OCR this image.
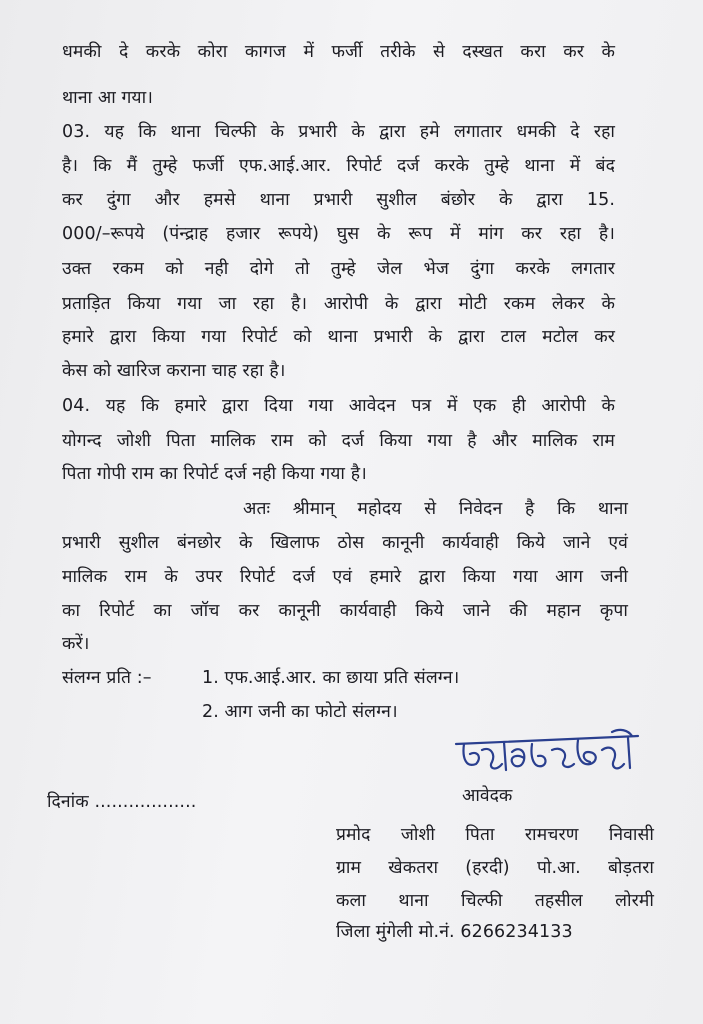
धमकी दे करके कोरा कागज में फर्जी तरीके से दस्खत करा कर के
थाना आ गया।
03. यह कि थाना चिल्फी के प्रभारी के द्वारा हमे लगातार धमकी दे रहा
है। कि मैं तुम्हे फर्जी एफ.आई.आर. रिपोर्ट दर्ज करके तुम्हे थाना में बंद
कर दुंगा और हमसे थाना प्रभारी सुशील बंछोर के द्वारा 15.
000/–रूपये (पंन्द्राह हजार रूपये) घुस के रूप में मांग कर रहा है।
उक्त रकम को नही दोगे तो तुम्हे जेल भेज दुंगा करके लगतार
प्रताड़ित किया गया जा रहा है। आरोपी के द्वारा मोटी रकम लेकर के
हमारे द्वारा किया गया रिपोर्ट को थाना प्रभारी के द्वारा टाल मटोल कर
केस को खारिज कराना चाह रहा है।
04. यह कि हमारे द्वारा दिया गया आवेदन पत्र में एक ही आरोपी के
योगन्द जोशी पिता मालिक राम को दर्ज किया गया है और मालिक राम
पिता गोपी राम का रिपोर्ट दर्ज नही किया गया है।
अतः श्रीमान् महोदय से निवेदन है कि थाना
प्रभारी सुशील बंनछोर के खिलाफ ठोस कानूनी कार्यवाही किये जाने एवं
मालिक राम के उपर रिपोर्ट दर्ज एवं हमारे द्वारा किया गया आग जनी
का रिपोर्ट का जॉच कर कानूनी कार्यवाही किये जाने की महान कृपा
करें।
संलग्न प्रति :–	1. एफ.आई.आर. का छाया प्रति संलग्न।
2. आग जनी का फोटो संलग्न।
आवेदक
दिनांक ..................
प्रमोद जोशी पिता रामचरण निवासी
ग्राम खेकतरा (हरदी) पो.आ. बोड़तरा
कला थाना चिल्फी तहसील लोरमी
जिला मुंगेली मो.नं. 6266234133
